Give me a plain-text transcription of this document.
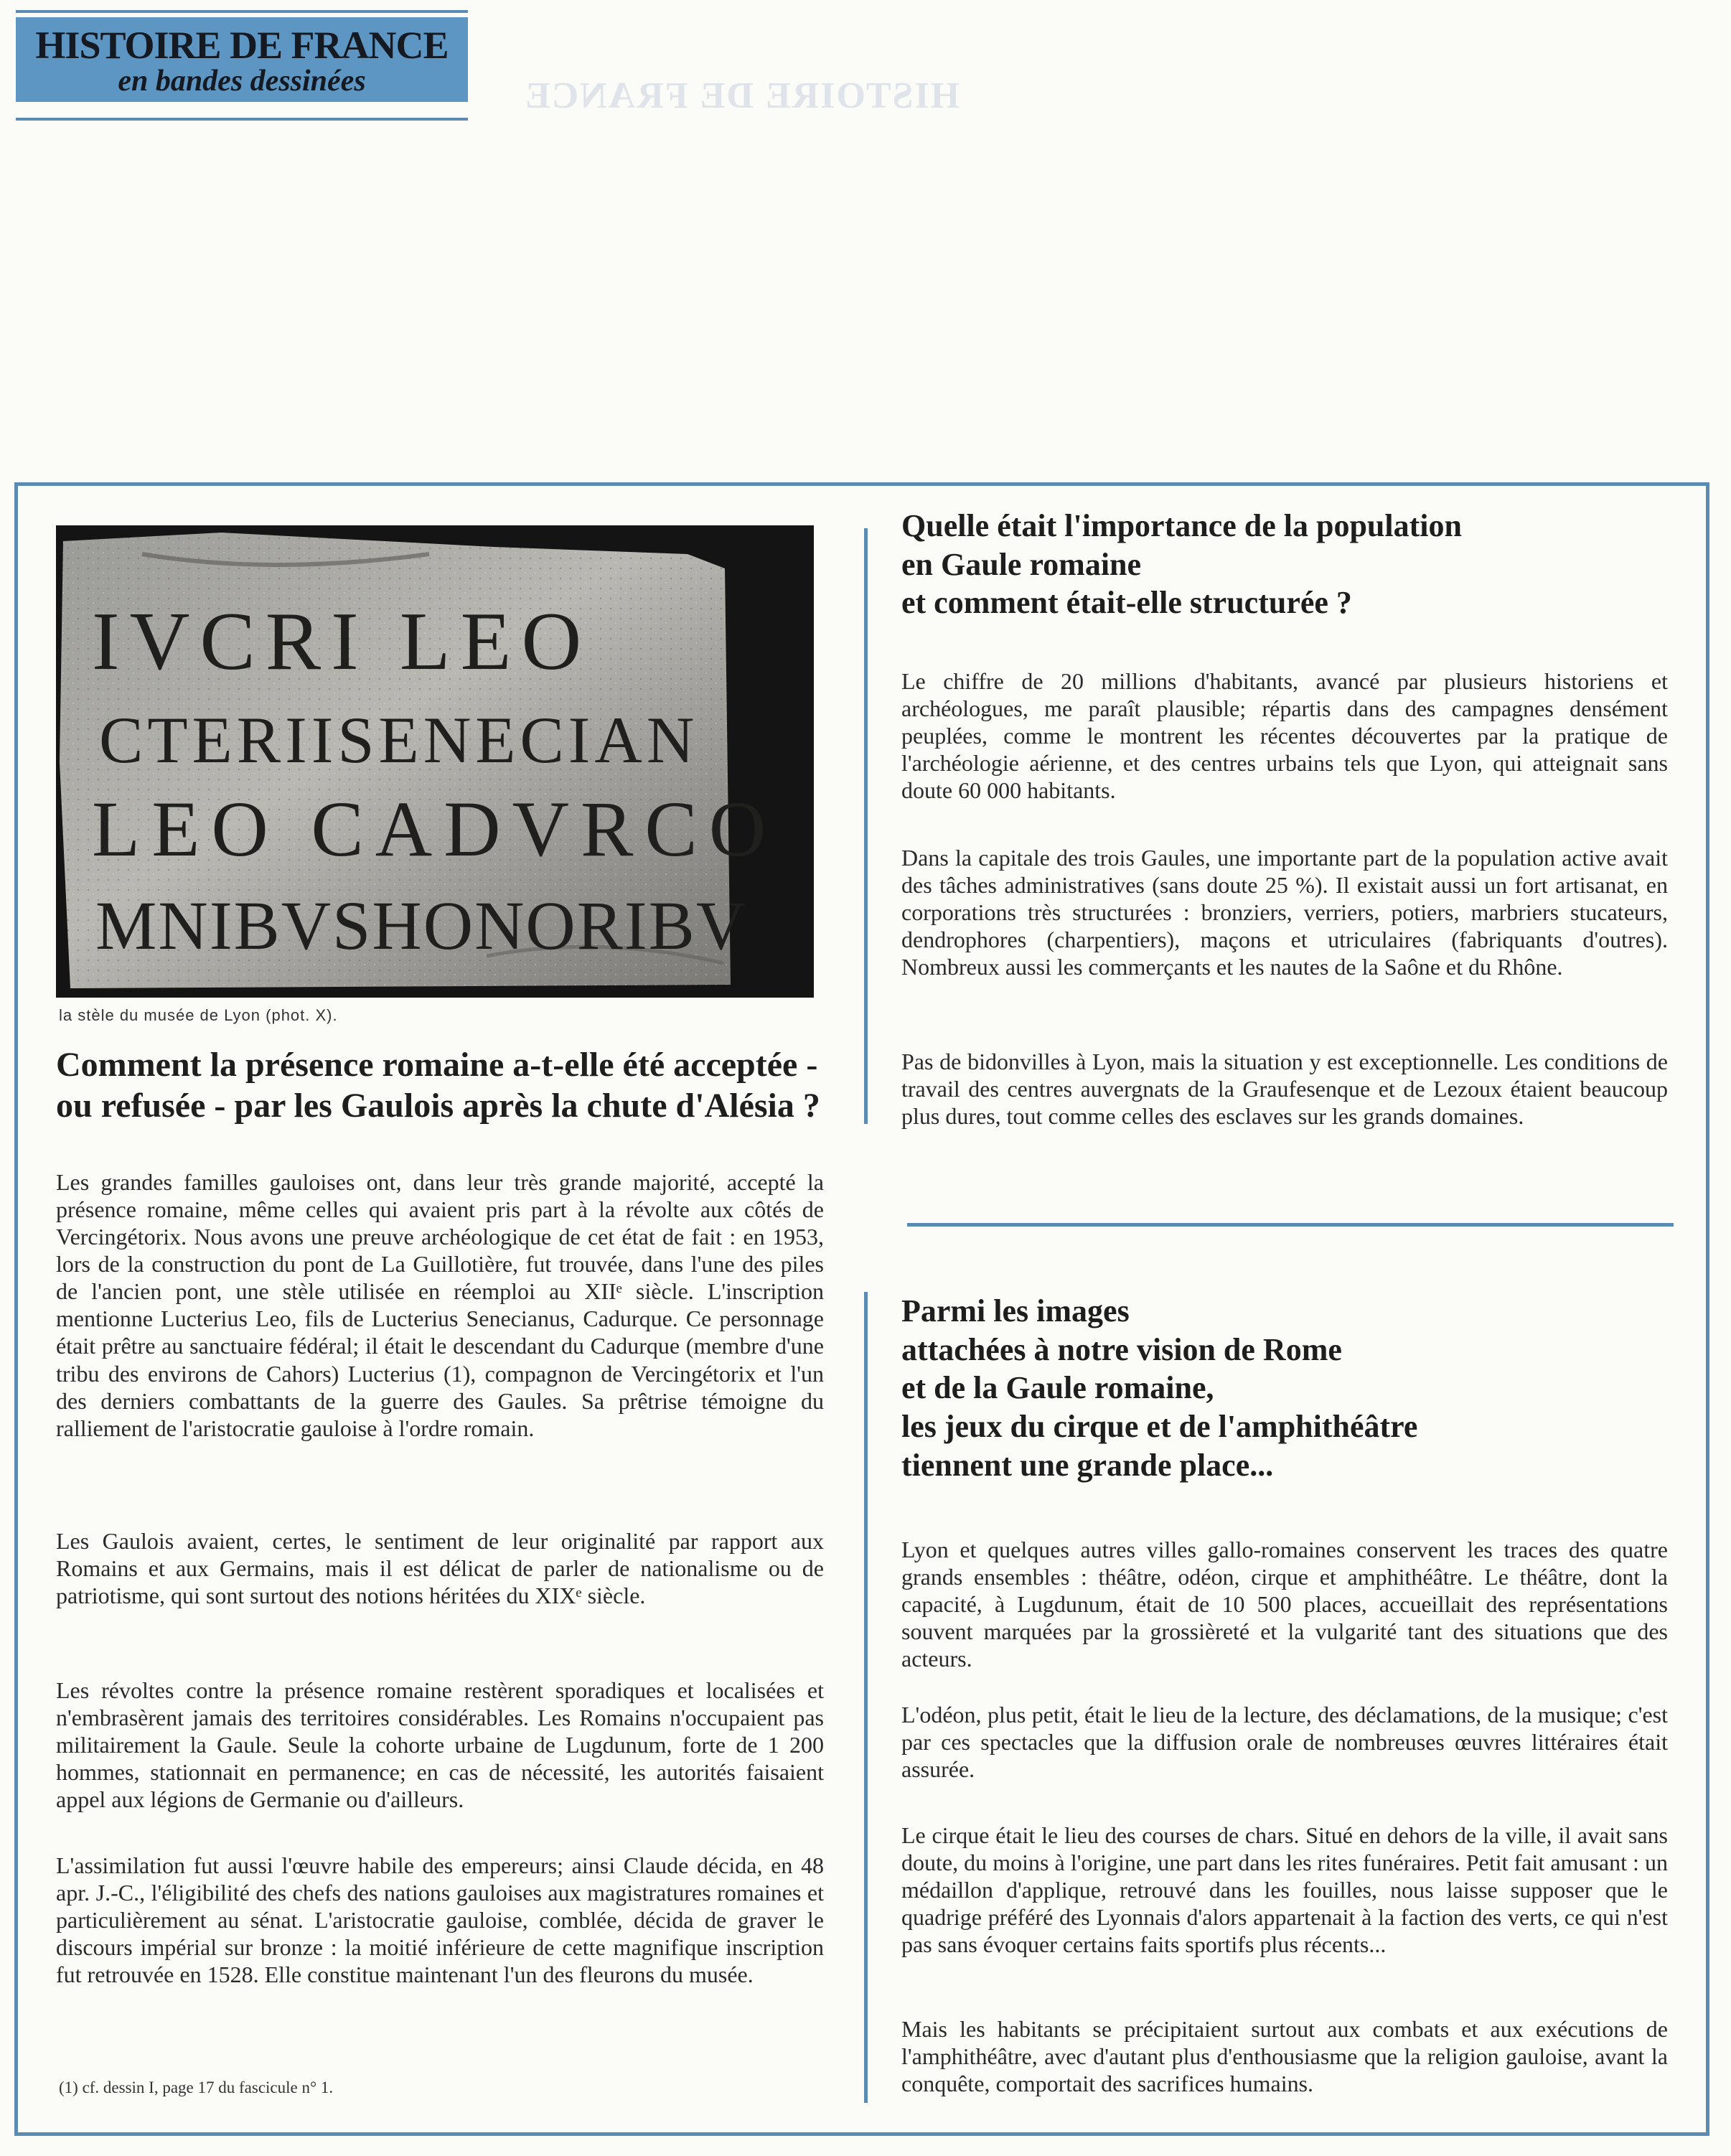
HISTOIRE DE FRANCE
en bandes dessinées	HISTOIRE DE FRANCE
IVCRI LEO
CTERIISENECIAN
LEO CADVRCO
MNIBVSHONORIBV
la stèle du musée de Lyon (phot. X).
Comment la présence romaine a-t-elle été acceptée - ou refusée - par les Gaulois après la chute d'Alésia ?

Les grandes familles gauloises ont, dans leur très grande majorité, accepté la présence romaine, même celles qui avaient pris part à la révolte aux côtés de Vercingétorix. Nous avons une preuve archéologique de cet état de fait : en 1953, lors de la construction du pont de La Guillotière, fut trouvée, dans l'une des piles de l'ancien pont, une stèle utilisée en réemploi au XIIᵉ siècle. L'inscription mentionne Lucterius Leo, fils de Lucterius Senecianus, Cadurque. Ce personnage était prêtre au sanctuaire fédéral; il était le descendant du Cadurque (membre d'une tribu des environs de Cahors) Lucterius (1), compagnon de Vercingétorix et l'un des derniers combattants de la guerre des Gaules. Sa prêtrise témoigne du ralliement de l'aristocratie gauloise à l'ordre romain.

Les Gaulois avaient, certes, le sentiment de leur originalité par rapport aux Romains et aux Germains, mais il est délicat de parler de nationalisme ou de patriotisme, qui sont surtout des notions héritées du XIXᵉ siècle.

Les révoltes contre la présence romaine restèrent sporadiques et localisées et n'embrasèrent jamais des territoires considérables. Les Romains n'occupaient pas militairement la Gaule. Seule la cohorte urbaine de Lugdunum, forte de 1 200 hommes, stationnait en permanence; en cas de nécessité, les autorités faisaient appel aux légions de Germanie ou d'ailleurs.

L'assimilation fut aussi l'œuvre habile des empereurs; ainsi Claude décida, en 48 apr. J.-C., l'éligibilité des chefs des nations gauloises aux magistratures romaines et particulièrement au sénat. L'aristocratie gauloise, comblée, décida de graver le discours impérial sur bronze : la moitié inférieure de cette magnifique inscription fut retrouvée en 1528. Elle constitue maintenant l'un des fleurons du musée.

(1) cf. dessin I, page 17 du fascicule n° 1.
Quelle était l'importance de la population
en Gaule romaine
et comment était-elle structurée ?

Le chiffre de 20 millions d'habitants, avancé par plusieurs historiens et archéologues, me paraît plausible; répartis dans des campagnes densément peuplées, comme le montrent les récentes découvertes par la pratique de l'archéologie aérienne, et des centres urbains tels que Lyon, qui atteignait sans doute 60 000 habitants.

Dans la capitale des trois Gaules, une importante part de la population active avait des tâches administratives (sans doute 25 %). Il existait aussi un fort artisanat, en corporations très structurées : bronziers, verriers, potiers, marbriers stucateurs, dendrophores (charpentiers), maçons et utriculaires (fabriquants d'outres). Nombreux aussi les commerçants et les nautes de la Saône et du Rhône.

Pas de bidonvilles à Lyon, mais la situation y est exceptionnelle. Les conditions de travail des centres auvergnats de la Graufesenque et de Lezoux étaient beaucoup plus dures, tout comme celles des esclaves sur les grands domaines.

Parmi les images
attachées à notre vision de Rome
et de la Gaule romaine,
les jeux du cirque et de l'amphithéâtre
tiennent une grande place...

Lyon et quelques autres villes gallo-romaines conservent les traces des quatre grands ensembles : théâtre, odéon, cirque et amphithéâtre. Le théâtre, dont la capacité, à Lugdunum, était de 10 500 places, accueillait des représentations souvent marquées par la grossièreté et la vulgarité tant des situations que des acteurs.

L'odéon, plus petit, était le lieu de la lecture, des déclamations, de la musique; c'est par ces spectacles que la diffusion orale de nombreuses œuvres littéraires était assurée.

Le cirque était le lieu des courses de chars. Situé en dehors de la ville, il avait sans doute, du moins à l'origine, une part dans les rites funéraires. Petit fait amusant : un médaillon d'applique, retrouvé dans les fouilles, nous laisse supposer que le quadrige préféré des Lyonnais d'alors appartenait à la faction des verts, ce qui n'est pas sans évoquer certains faits sportifs plus récents...

Mais les habitants se précipitaient surtout aux combats et aux exécutions de l'amphithéâtre, avec d'autant plus d'enthousiasme que la religion gauloise, avant la conquête, comportait des sacrifices humains.
